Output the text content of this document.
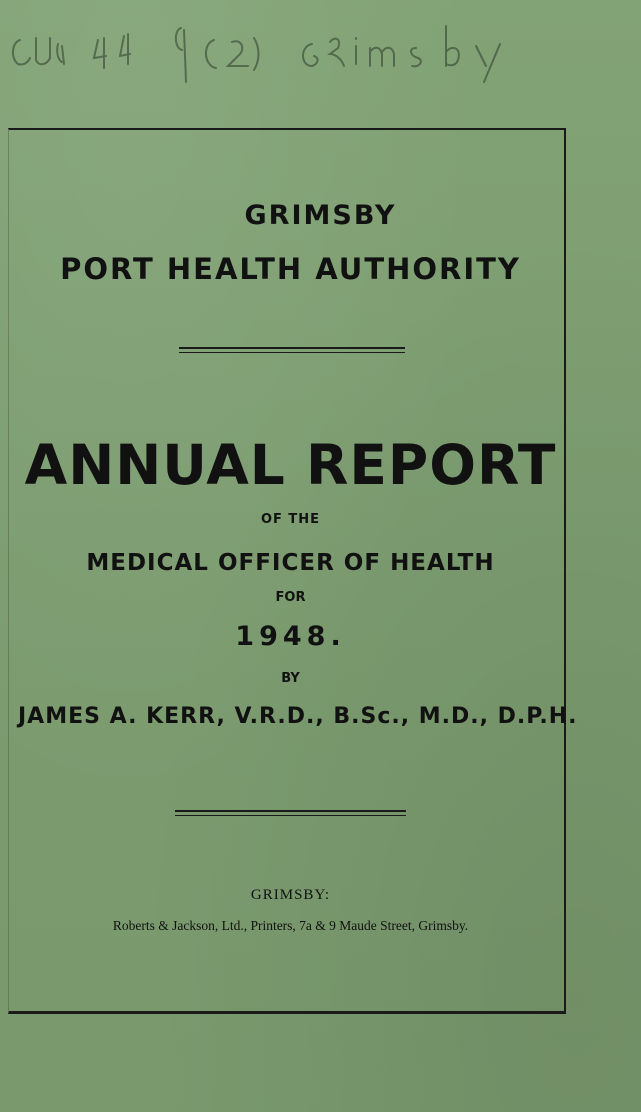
GRIMSBY
PORT HEALTH AUTHORITY
ANNUAL REPORT
OF THE
MEDICAL OFFICER OF HEALTH
FOR
1948.
BY
JAMES A. KERR, V.R.D., B.Sc., M.D., D.P.H.
GRIMSBY:
Roberts & Jackson, Ltd., Printers, 7a & 9 Maude Street, Grimsby.
